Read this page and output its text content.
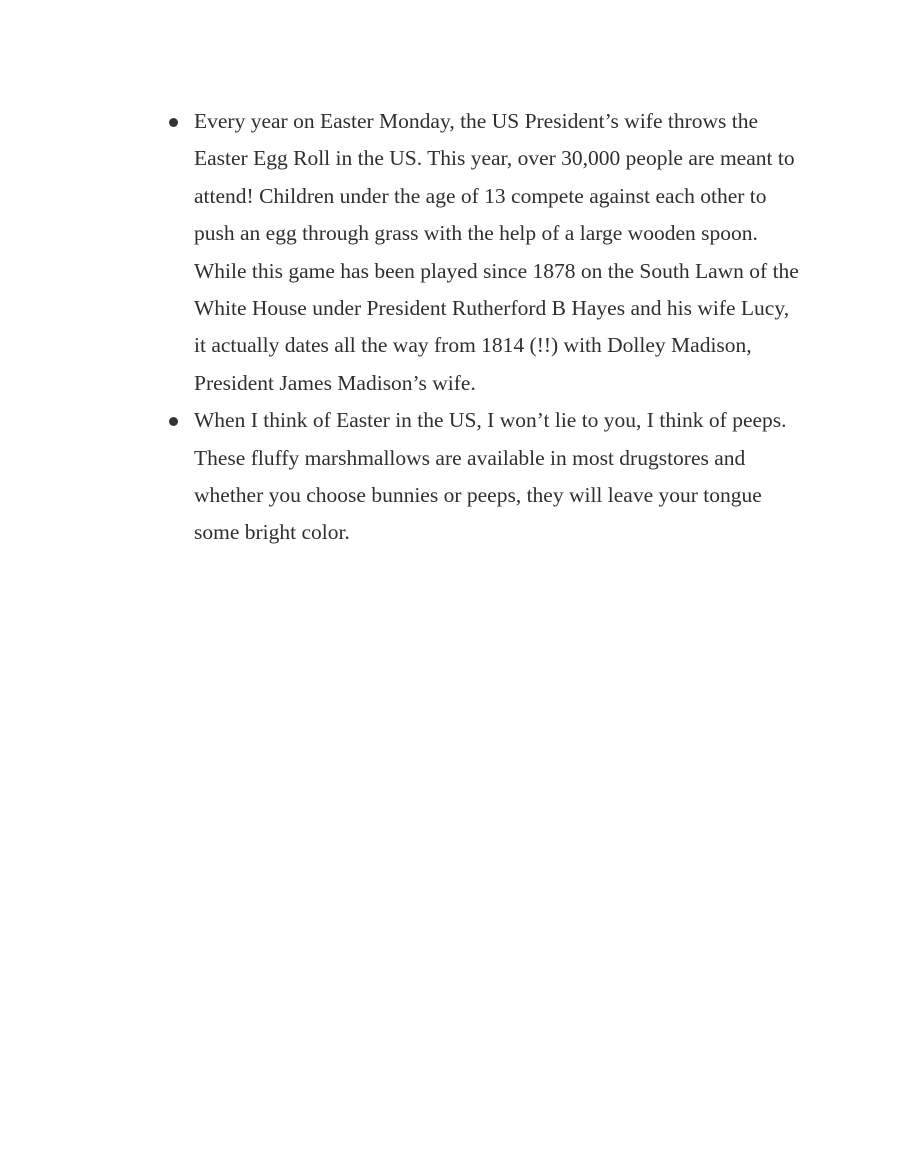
Every year on Easter Monday, the US President’s wife throws the Easter Egg Roll in the US. This year, over 30,000 people are meant to attend! Children under the age of 13 compete against each other to push an egg through grass with the help of a large wooden spoon. While this game has been played since 1878 on the South Lawn of the White House under President Rutherford B Hayes and his wife Lucy, it actually dates all the way from 1814 (!!) with Dolley Madison, President James Madison’s wife.
When I think of Easter in the US, I won’t lie to you, I think of peeps. These fluffy marshmallows are available in most drugstores and whether you choose bunnies or peeps, they will leave your tongue some bright color.
